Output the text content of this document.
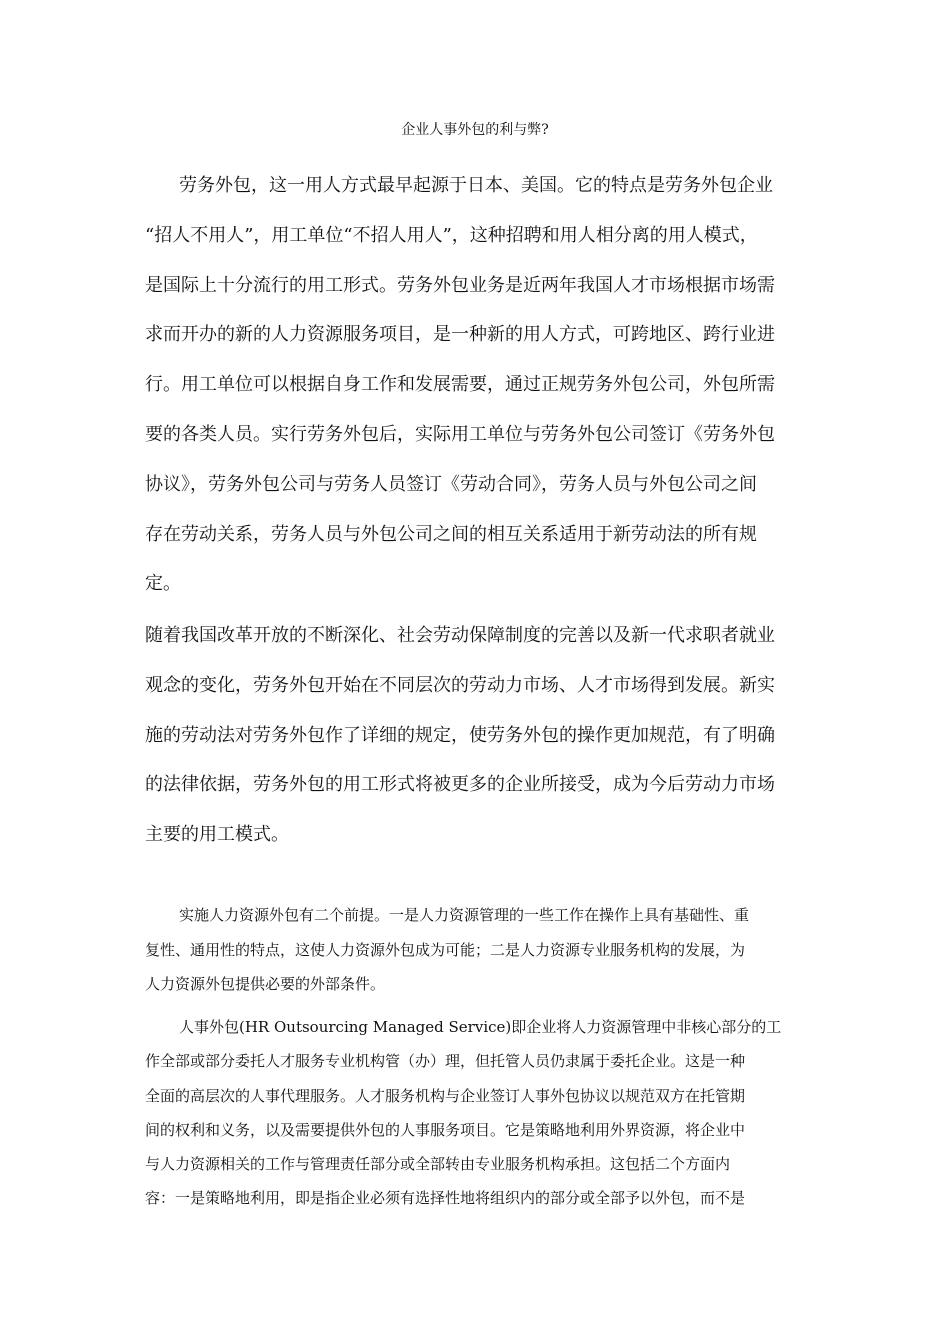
企业人事外包的利与弊?
劳务外包，这一用人方式最早起源于日本、美国。它的特点是劳务外包企业
“招人不用人”，用工单位“不招人用人”，这种招聘和用人相分离的用人模式，
是国际上十分流行的用工形式。劳务外包业务是近两年我国人才市场根据市场需
求而开办的新的人力资源服务项目，是一种新的用人方式，可跨地区、跨行业进
行。用工单位可以根据自身工作和发展需要，通过正规劳务外包公司，外包所需
要的各类人员。实行劳务外包后，实际用工单位与劳务外包公司签订《劳务外包
协议》，劳务外包公司与劳务人员签订《劳动合同》，劳务人员与外包公司之间
存在劳动关系，劳务人员与外包公司之间的相互关系适用于新劳动法的所有规
定。
随着我国改革开放的不断深化、社会劳动保障制度的完善以及新一代求职者就业
观念的变化，劳务外包开始在不同层次的劳动力市场、人才市场得到发展。新实
施的劳动法对劳务外包作了详细的规定，使劳务外包的操作更加规范，有了明确
的法律依据，劳务外包的用工形式将被更多的企业所接受，成为今后劳动力市场
主要的用工模式。
实施人力资源外包有二个前提。一是人力资源管理的一些工作在操作上具有基础性、重
复性、通用性的特点，这使人力资源外包成为可能；二是人力资源专业服务机构的发展，为
人力资源外包提供必要的外部条件。
人事外包(HR Outsourcing Managed Service)即企业将人力资源管理中非核心部分的工
作全部或部分委托人才服务专业机构管（办）理，但托管人员仍隶属于委托企业。这是一种
全面的高层次的人事代理服务。人才服务机构与企业签订人事外包协议以规范双方在托管期
间的权利和义务，以及需要提供外包的人事服务项目。它是策略地利用外界资源，将企业中
与人力资源相关的工作与管理责任部分或全部转由专业服务机构承担。这包括二个方面内
容：一是策略地利用，即是指企业必须有选择性地将组织内的部分或全部予以外包，而不是
